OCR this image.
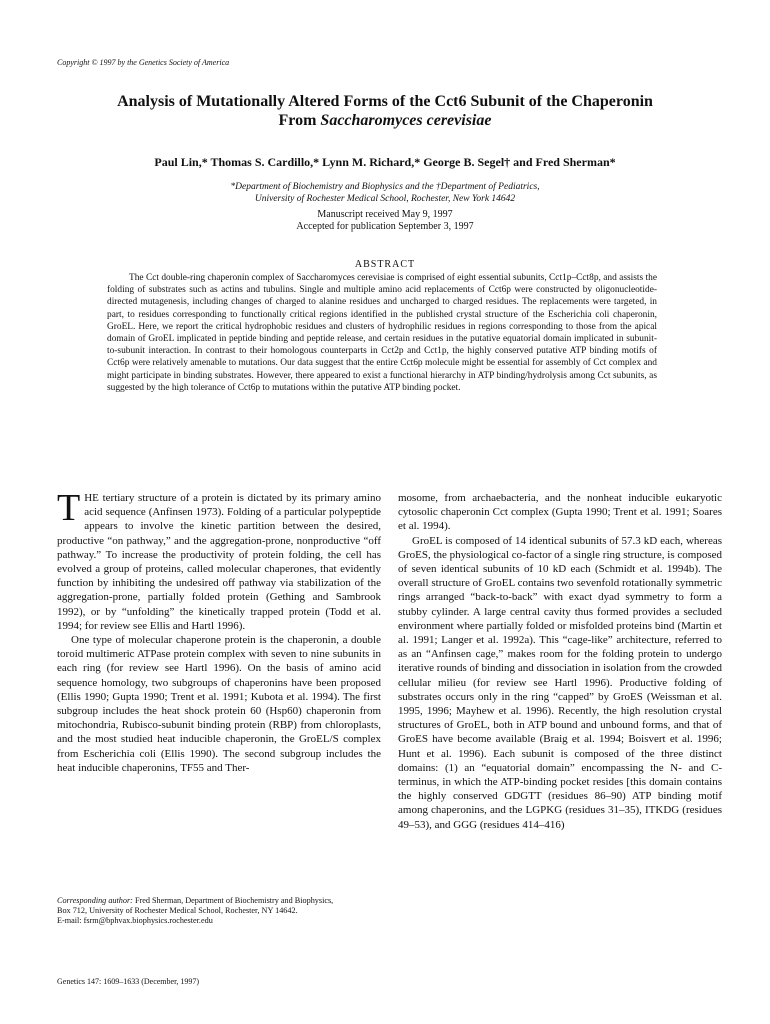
Copyright © 1997 by the Genetics Society of America
Analysis of Mutationally Altered Forms of the Cct6 Subunit of the Chaperonin
From Saccharomyces cerevisiae
Paul Lin,* Thomas S. Cardillo,* Lynn M. Richard,* George B. Segel† and Fred Sherman*
*Department of Biochemistry and Biophysics and the †Department of Pediatrics,
University of Rochester Medical School, Rochester, New York 14642
Manuscript received May 9, 1997
Accepted for publication September 3, 1997
ABSTRACT

The Cct double-ring chaperonin complex of Saccharomyces cerevisiae is comprised of eight essential subunits, Cct1p–Cct8p, and assists the folding of substrates such as actins and tubulins. Single and multiple amino acid replacements of Cct6p were constructed by oligonucleotide-directed mutagenesis, including changes of charged to alanine residues and uncharged to charged residues. The replacements were targeted, in part, to residues corresponding to functionally critical regions identified in the published crystal structure of the Escherichia coli chaperonin, GroEL. Here, we report the critical hydrophobic residues and clusters of hydrophilic residues in regions corresponding to those from the apical domain of GroEL implicated in peptide binding and peptide release, and certain residues in the putative equatorial domain implicated in subunit-to-subunit interaction. In contrast to their homologous counterparts in Cct2p and Cct1p, the highly conserved putative ATP binding motifs of Cct6p were relatively amenable to mutations. Our data suggest that the entire Cct6p molecule might be essential for assembly of Cct complex and might participate in binding substrates. However, there appeared to exist a functional hierarchy in ATP binding/hydrolysis among Cct subunits, as suggested by the high tolerance of Cct6p to mutations within the putative ATP binding pocket.

THE tertiary structure of a protein is dictated by its primary amino acid sequence (Anfinsen 1973). Folding of a particular polypeptide appears to involve the kinetic partition between the desired, productive “on pathway,” and the aggregation-prone, nonproductive “off pathway.” To increase the productivity of protein folding, the cell has evolved a group of proteins, called molecular chaperones, that evidently function by inhibiting the undesired off pathway via stabilization of the aggregation-prone, partially folded protein (Gething and Sambrook 1992), or by “unfolding” the kinetically trapped protein (Todd et al. 1994; for review see Ellis and Hartl 1996).

One type of molecular chaperone protein is the chaperonin, a double toroid multimeric ATPase protein complex with seven to nine subunits in each ring (for review see Hartl 1996). On the basis of amino acid sequence homology, two subgroups of chaperonins have been proposed (Ellis 1990; Gupta 1990; Trent et al. 1991; Kubota et al. 1994). The first subgroup includes the heat shock protein 60 (Hsp60) chaperonin from mitochondria, Rubisco-subunit binding protein (RBP) from chloroplasts, and the most studied heat inducible chaperonin, the GroEL/S complex from Escherichia coli (Ellis 1990). The second subgroup includes the heat inducible chaperonins, TF55 and Ther-

mosome, from archaebacteria, and the nonheat inducible eukaryotic cytosolic chaperonin Cct complex (Gupta 1990; Trent et al. 1991; Soares et al. 1994).

GroEL is composed of 14 identical subunits of 57.3 kD each, whereas GroES, the physiological co-factor of a single ring structure, is composed of seven identical subunits of 10 kD each (Schmidt et al. 1994b). The overall structure of GroEL contains two sevenfold rotationally symmetric rings arranged “back-to-back” with exact dyad symmetry to form a stubby cylinder. A large central cavity thus formed provides a secluded environment where partially folded or misfolded proteins bind (Martin et al. 1991; Langer et al. 1992a). This “cage-like” architecture, referred to as an “Anfinsen cage,” makes room for the folding protein to undergo iterative rounds of binding and dissociation in isolation from the crowded cellular milieu (for review see Hartl 1996). Productive folding of substrates occurs only in the ring “capped” by GroES (Weissman et al. 1995, 1996; Mayhew et al. 1996). Recently, the high resolution crystal structures of GroEL, both in ATP bound and unbound forms, and that of GroES have become available (Braig et al. 1994; Boisvert et al. 1996; Hunt et al. 1996). Each subunit is composed of the three distinct domains: (1) an “equatorial domain” encompassing the N- and C-terminus, in which the ATP-binding pocket resides [this domain contains the highly conserved GDGTT (residues 86–90) ATP binding motif among chaperonins, and the LGPKG (residues 31–35), ITKDG (residues 49–53), and GGG (residues 414–416)

Corresponding author: Fred Sherman, Department of Biochemistry and Biophysics, Box 712, University of Rochester Medical School, Rochester, NY 14642.
E-mail: fsrm@bphvax.biophysics.rochester.edu
Genetics 147: 1609–1633 (December, 1997)
